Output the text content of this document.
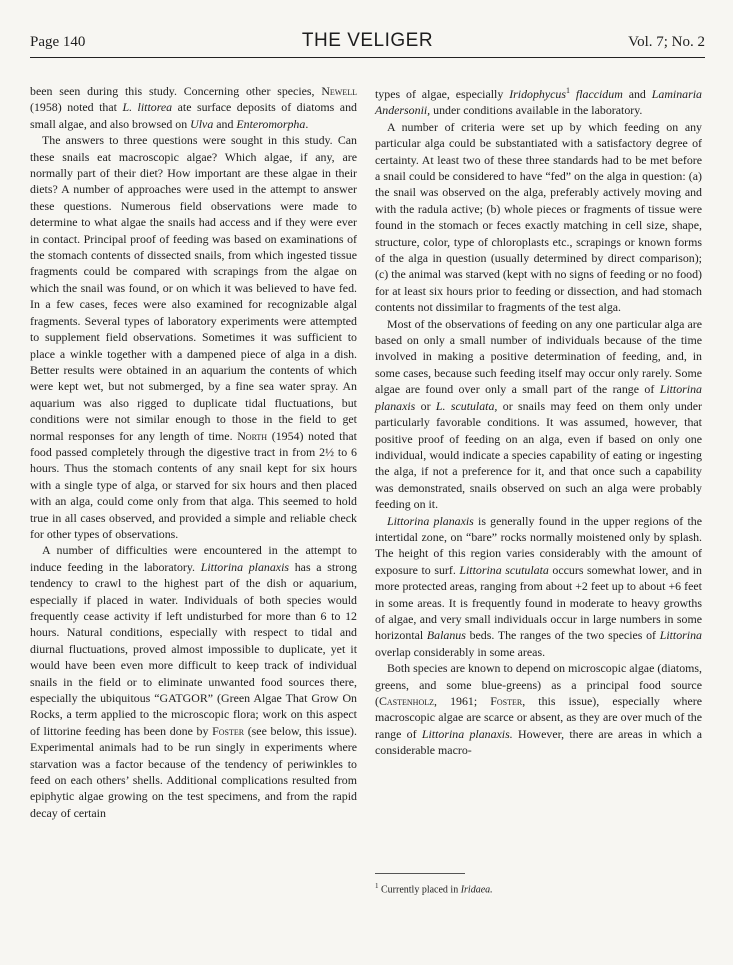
Page 140	THE VELIGER	Vol. 7; No. 2

been seen during this study. Concerning other species, Newell (1958) noted that L. littorea ate surface deposits of diatoms and small algae, and also browsed on Ulva and Enteromorpha.

The answers to three questions were sought in this study. Can these snails eat macroscopic algae? Which algae, if any, are normally part of their diet? How important are these algae in their diets? A number of approaches were used in the attempt to answer these questions. Numerous field observations were made to determine to what algae the snails had access and if they were ever in contact. Principal proof of feeding was based on examinations of the stomach contents of dissected snails, from which ingested tissue fragments could be compared with scrapings from the algae on which the snail was found, or on which it was believed to have fed. In a few cases, feces were also examined for recognizable algal fragments. Several types of laboratory experiments were attempted to supplement field observations. Sometimes it was sufficient to place a winkle together with a dampened piece of alga in a dish. Better results were obtained in an aquarium the contents of which were kept wet, but not submerged, by a fine sea water spray. An aquarium was also rigged to duplicate tidal fluctuations, but conditions were not similar enough to those in the field to get normal responses for any length of time. North (1954) noted that food passed completely through the digestive tract in from 2½ to 6 hours. Thus the stomach contents of any snail kept for six hours with a single type of alga, or starved for six hours and then placed with an alga, could come only from that alga. This seemed to hold true in all cases observed, and provided a simple and reliable check for other types of observations.

A number of difficulties were encountered in the attempt to induce feeding in the laboratory. Littorina planaxis has a strong tendency to crawl to the highest part of the dish or aquarium, especially if placed in water. Individuals of both species would frequently cease activity if left undisturbed for more than 6 to 12 hours. Natural conditions, especially with respect to tidal and diurnal fluctuations, proved almost impossible to duplicate, yet it would have been even more difficult to keep track of individual snails in the field or to eliminate unwanted food sources there, especially the ubiquitous “GATGOR” (Green Algae That Grow On Rocks, a term applied to the microscopic flora; work on this aspect of littorine feeding has been done by Foster (see below, this issue). Experimental animals had to be run singly in experiments where starvation was a factor because of the tendency of periwinkles to feed on each others’ shells. Additional complications resulted from epiphytic algae growing on the test specimens, and from the rapid decay of certain

types of algae, especially Iridophycus$^1$ flaccidum and Laminaria Andersonii, under conditions available in the laboratory.

A number of criteria were set up by which feeding on any particular alga could be substantiated with a satisfactory degree of certainty. At least two of these three standards had to be met before a snail could be considered to have “fed” on the alga in question: (a) the snail was observed on the alga, preferably actively moving and with the radula active; (b) whole pieces or fragments of tissue were found in the stomach or feces exactly matching in cell size, shape, structure, color, type of chloroplasts etc., scrapings or known forms of the alga in question (usually determined by direct comparison); (c) the animal was starved (kept with no signs of feeding or no food) for at least six hours prior to feeding or dissection, and had stomach contents not dissimilar to fragments of the test alga.

Most of the observations of feeding on any one particular alga are based on only a small number of individuals because of the time involved in making a positive determination of feeding, and, in some cases, because such feeding itself may occur only rarely. Some algae are found over only a small part of the range of Littorina planaxis or L. scutulata, or snails may feed on them only under particularly favorable conditions. It was assumed, however, that positive proof of feeding on an alga, even if based on only one individual, would indicate a species capability of eating or ingesting the alga, if not a preference for it, and that once such a capability was demonstrated, snails observed on such an alga were probably feeding on it.

Littorina planaxis is generally found in the upper regions of the intertidal zone, on “bare” rocks normally moistened only by splash. The height of this region varies considerably with the amount of exposure to surf. Littorina scutulata occurs somewhat lower, and in more protected areas, ranging from about +2 feet up to about +6 feet in some areas. It is frequently found in moderate to heavy growths of algae, and very small individuals occur in large numbers in some horizontal Balanus beds. The ranges of the two species of Littorina overlap considerably in some areas.

Both species are known to depend on microscopic algae (diatoms, greens, and some blue-greens) as a principal food source (Castenholz, 1961; Foster, this issue), especially where macroscopic algae are scarce or absent, as they are over much of the range of Littorina planaxis. However, there are areas in which a considerable macro-

$^1$ Currently placed in Iridaea.
